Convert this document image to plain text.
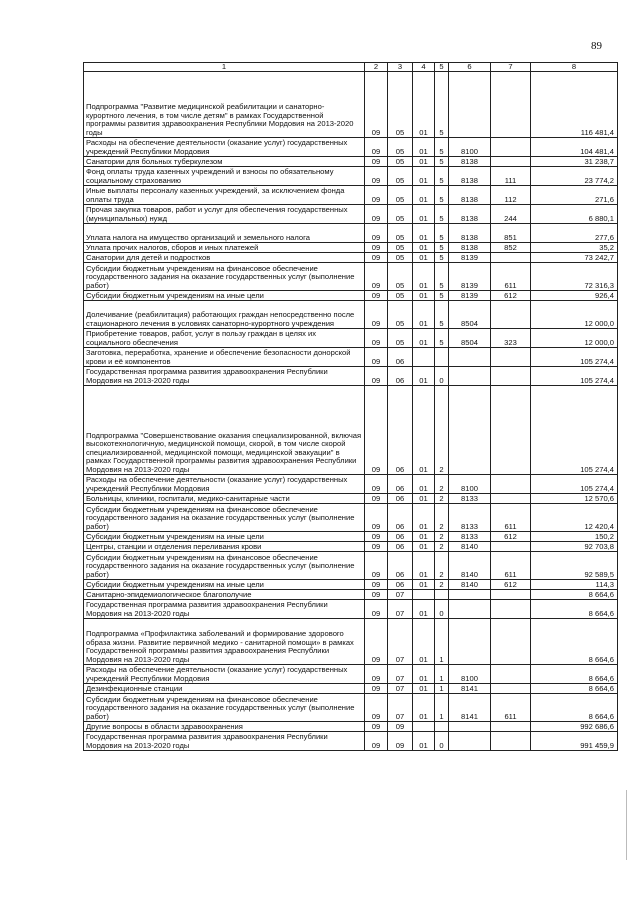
89
1	2	3	4	5	6	7	8
Подпрограмма "Развитие медицинской реабилитации и санаторно-курортного лечения, в том числе детям" в рамках Государственной программы развития здравоохранения Республики Мордовия на 2013-2020 годы	09	05	01	5			116 481,4
Расходы на обеспечение деятельности (оказание услуг) государственных учреждений Республики Мордовия	09	05	01	5	8100		104 481,4
Санатории для больных туберкулезом	09	05	01	5	8138		31 238,7
Фонд оплаты труда казенных учреждений и взносы по обязательному социальному страхованию	09	05	01	5	8138	111	23 774,2
Иные выплаты персоналу казенных учреждений, за исключением фонда оплаты труда	09	05	01	5	8138	112	271,6
Прочая закупка товаров, работ и услуг для обеспечения государственных (муниципальных) нужд	09	05	01	5	8138	244	6 880,1
Уплата налога на имущество организаций и земельного налога	09	05	01	5	8138	851	277,6
Уплата прочих налогов, сборов и иных платежей	09	05	01	5	8138	852	35,2
Санатории для детей и подростков	09	05	01	5	8139		73 242,7
Субсидии бюджетным учреждениям на финансовое обеспечение государственного задания на оказание государственных услуг (выполнение работ)	09	05	01	5	8139	611	72 316,3
Субсидии бюджетным учреждениям на иные цели	09	05	01	5	8139	612	926,4
Долечивание (реабилитация) работающих граждан непосредственно после стационарного лечения в условиях санаторно-курортного учреждения	09	05	01	5	8504		12 000,0
Приобретение товаров, работ, услуг в пользу граждан в целях их социального обеспечения	09	05	01	5	8504	323	12 000,0
Заготовка, переработка, хранение и обеспечение безопасности донорской крови и её компонентов	09	06					105 274,4
Государственная программа развития здравоохранения Республики Мордовия на 2013-2020 годы	09	06	01	0			105 274,4
Подпрограмма "Совершенствование оказания специализированной, включая высокотехнологичную, медицинской помощи, скорой, в том числе скорой специализированной, медицинской помощи, медицинской эвакуации" в рамках Государственной программы развития здравоохранения Республики Мордовия на 2013-2020 годы	09	06	01	2			105 274,4
Расходы на обеспечение деятельности (оказание услуг) государственных учреждений Республики Мордовия	09	06	01	2	8100		105 274,4
Больницы, клиники, госпитали, медико-санитарные части	09	06	01	2	8133		12 570,6
Субсидии бюджетным учреждениям на финансовое обеспечение государственного задания на оказание государственных услуг (выполнение работ)	09	06	01	2	8133	611	12 420,4
Субсидии бюджетным учреждениям на иные цели	09	06	01	2	8133	612	150,2
Центры, станции и отделения переливания крови	09	06	01	2	8140		92 703,8
Субсидии бюджетным учреждениям на финансовое обеспечение государственного задания на оказание государственных услуг (выполнение работ)	09	06	01	2	8140	611	92 589,5
Субсидии бюджетным учреждениям на иные цели	09	06	01	2	8140	612	114,3
Санитарно-эпидемиологическое благополучие	09	07					8 664,6
Государственная программа развития здравоохранения Республики Мордовия на 2013-2020 годы	09	07	01	0			8 664,6
Подпрограмма «Профилактика заболеваний и формирование здорового образа жизни. Развитие первичной медико - санитарной помощи» в рамках Государственной программы развития здравоохранения Республики Мордовия на 2013-2020 годы	09	07	01	1			8 664,6
Расходы на обеспечение деятельности (оказание услуг) государственных учреждений Республики Мордовия	09	07	01	1	8100		8 664,6
Дезинфекционные станции	09	07	01	1	8141		8 664,6
Субсидии бюджетным учреждениям на финансовое обеспечение государственного задания на оказание государственных услуг (выполнение работ)	09	07	01	1	8141	611	8 664,6
Другие вопросы в области здравоохранения	09	09					992 686,6
Государственная программа развития здравоохранения Республики Мордовия на 2013-2020 годы	09	09	01	0			991 459,9
